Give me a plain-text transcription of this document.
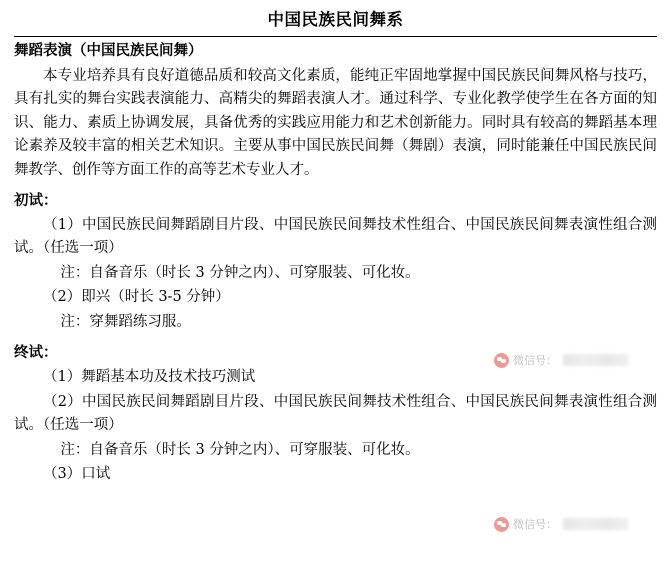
中国民族民间舞系
舞蹈表演（中国民族民间舞）

本专业培养具有良好道德品质和较高文化素质，能纯正牢固地掌握中国民族民间舞风格与技巧，具有扎实的舞台实践表演能力、高精尖的舞蹈表演人才。通过科学、专业化教学使学生在各方面的知识、能力、素质上协调发展，具备优秀的实践应用能力和艺术创新能力。同时具有较高的舞蹈基本理论素养及较丰富的相关艺术知识。主要从事中国民族民间舞（舞剧）表演，同时能兼任中国民族民间舞教学、创作等方面工作的高等艺术专业人才。

初试：

（1）中国民族民间舞蹈剧目片段、中国民族民间舞技术性组合、中国民族民间舞表演性组合测试。（任选一项）

注：自备音乐（时长 3 分钟之内）、可穿服装、可化妆。

（2）即兴（时长 3-5 分钟）

注：穿舞蹈练习服。

终试：

（1）舞蹈基本功及技术技巧测试

（2）中国民族民间舞蹈剧目片段、中国民族民间舞技术性组合、中国民族民间舞表演性组合测试。（任选一项）

注：自备音乐（时长 3 分钟之内）、可穿服装、可化妆。

（3）口试

微信号：
微信号：
